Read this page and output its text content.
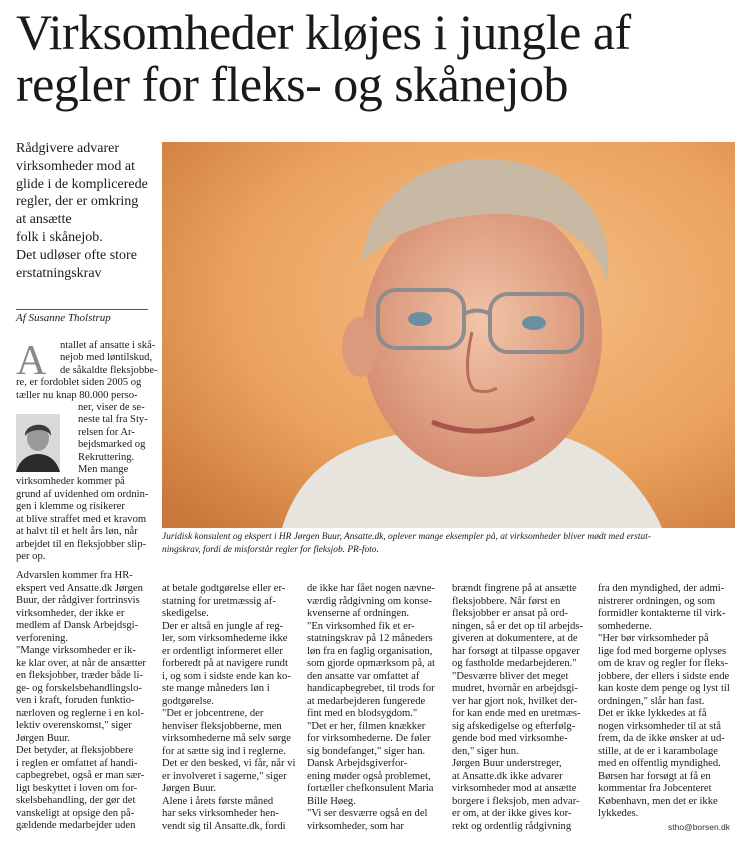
Virksomheder kløjes i jungle af
regler for fleks- og skånejob
Rådgivere advarer
virksomheder mod at
glide i de komplicerede
regler, der er omkring
at ansætte
folk i skånejob.
Det udløser ofte store
erstatningskrav
Af Susanne Tholstrup
Juridisk konsulent og ekspert i HR Jørgen Buur, Ansatte.dk, oplever mange eksempler på, at virksomheder bliver mødt med erstat-
ningskrav, fordi de misforstår regler for fleksjob. PR-foto.
A	ntallet af ansatte i skå-
nejob med løntilskud,
de såkaldte fleksjobbe-
re, er fordoblet siden 2005 og
tæller nu knap 80.000 perso-
ner, viser de se-
neste tal fra Sty-
relsen for Ar-
bejdsmarked og
Rekruttering.
Men mange
virksomheder kommer på
grund af uvidenhed om ordnin-
gen i klemme og risikerer
at blive straffet med et kravom
at halvt til et helt års løn, når
arbejdet til en fleksjobber slip-
per op.
Advarslen kommer fra HR-
ekspert ved Ansatte.dk Jørgen
Buur, der rådgiver fortrinsvis
virksomheder, der ikke er
medlem af Dansk Arbejdsgi-
verforening.
"Mange virksomheder er ik-
ke klar over, at når de ansætter
en fleksjobber, træder både li-
ge- og forskelsbehandlingslo-
ven i kraft, foruden funktio-
nærloven og reglerne i en kol-
lektiv overenskomst," siger
Jørgen Buur.
Det betyder, at fleksjobbere
i reglen er omfattet af handi-
capbegrebet, også er man sær-
ligt beskyttet i loven om for-
skelsbehandling, der gør det
vanskeligt at opsige den på-
gældende medarbejder uden
at betale godtgørelse eller er-
statning for uretmæssig af-
skedigelse.
Der er altså en jungle af reg-
ler, som virksomhederne ikke
er ordentligt informeret eller
forberedt på at navigere rundt
i, og som i sidste ende kan ko-
ste mange måneders løn i
godtgørelse.
"Det er jobcentrene, der
henviser fleksjobberne, men
virksomhederne må selv sørge
for at sætte sig ind i reglerne.
Det er den besked, vi får, når vi
er involveret i sagerne," siger
Jørgen Buur.
Alene i årets første måned
har seks virksomheder hen-
vendt sig til Ansatte.dk, fordi
de ikke har fået nogen nævne-
værdig rådgivning om konse-
kvenserne af ordningen.
"En virksomhed fik et er-
statningskrav på 12 måneders
løn fra en faglig organisation,
som gjorde opmærksom på, at
den ansatte var omfattet af
handicapbegrebet, til trods for
at medarbejderen fungerede
fint med en blodsygdom."
"Det er her, filmen knækker
for virksomhederne. De føler
sig bondefanget," siger han.
Dansk Arbejdsgiverfor-
ening møder også problemet,
fortæller chefkonsulent Maria
Bille Høeg.
"Vi ser desværre også en del
virksomheder, som har
brændt fingrene på at ansætte
fleksjobbere. Når først en
fleksjobber er ansat på ord-
ningen, så er det op til arbejds-
giveren at dokumentere, at de
har forsøgt at tilpasse opgaver
og fastholde medarbejderen."
"Desværre bliver det meget
mudret, hvornår en arbejdsgi-
ver har gjort nok, hvilket der-
for kan ende med en uretmæs-
sig afskedigelse og efterfølg-
gende bod med virksomhe-
den," siger hun.
Jørgen Buur understreger,
at Ansatte.dk ikke advarer
virksomheder mod at ansætte
borgere i fleksjob, men advar-
er om, at der ikke gives kor-
rekt og ordentlig rådgivning
fra den myndighed, der admi-
nistrerer ordningen, og som
formidler kontakterne til virk-
somhederne.
"Her bør virksomheder på
lige fod med borgerne oplyses
om de krav og regler for fleks-
jobbere, der ellers i sidste ende
kan koste dem penge og lyst til
ordningen," slår han fast.
Det er ikke lykkedes at få
nogen virksomheder til at stå
frem, da de ikke ønsker at ud-
stille, at de er i karambolage
med en offentlig myndighed.
Børsen har forsøgt at få en
kommentar fra Jobcenteret
København, men det er ikke
lykkedes.
stho@borsen.dk
